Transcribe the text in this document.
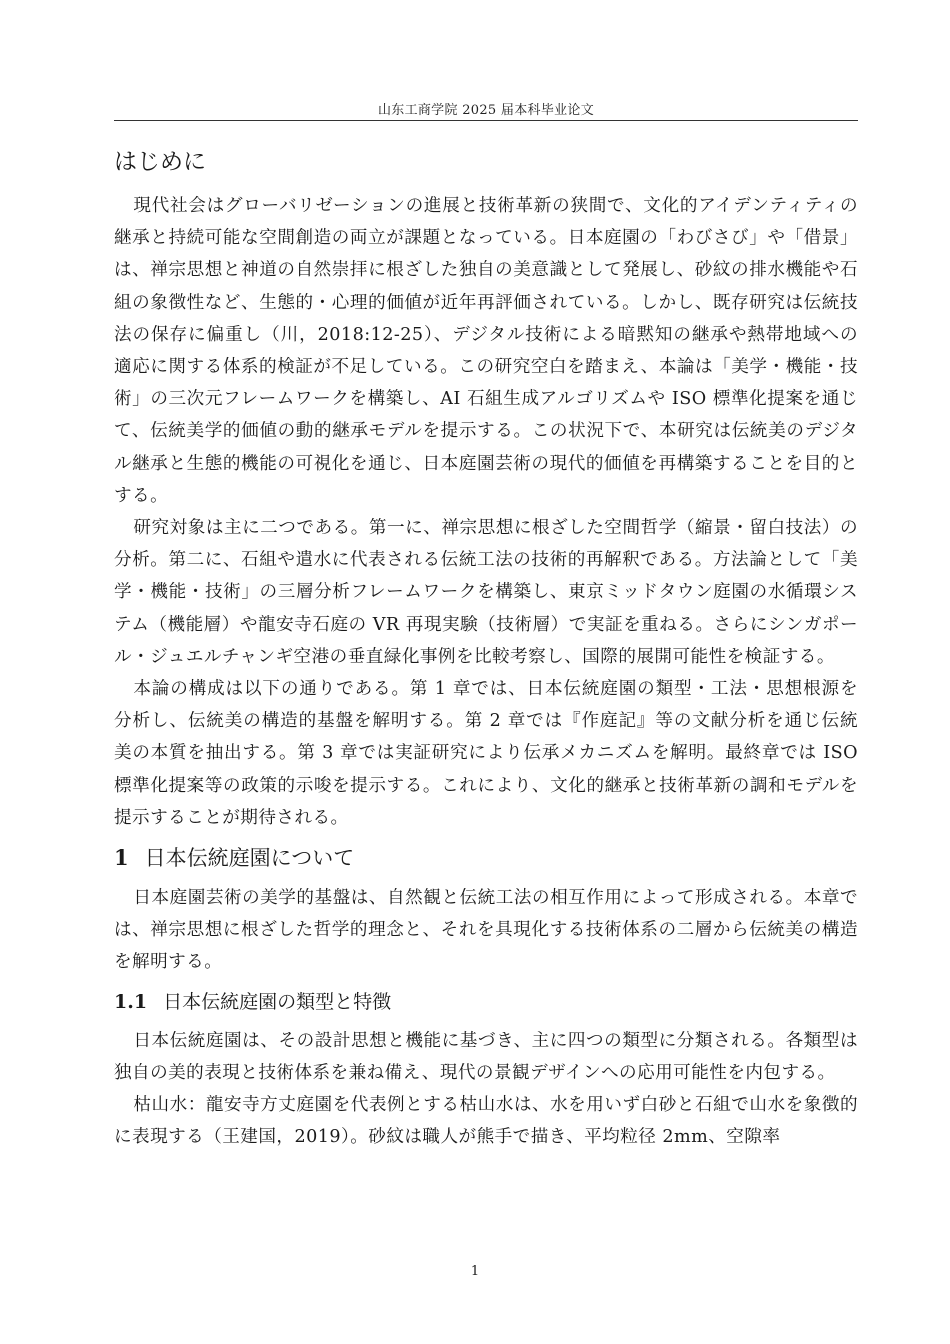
山东工商学院 2025 届本科毕业论文
はじめに

現代社会はグローバリゼーションの進展と技術革新の狭間で、文化的アイデンティティの継承と持続可能な空間創造の両立が課題となっている。日本庭園の「わびさび」や「借景」は、禅宗思想と神道の自然崇拝に根ざした独自の美意識として発展し、砂紋の排水機能や石組の象徴性など、生態的・心理的価値が近年再評価されている。しかし、既存研究は伝統技法の保存に偏重し（川，2018:12-25）、デジタル技術による暗黙知の継承や熱帯地域への適応に関する体系的検証が不足している。この研究空白を踏まえ、本論は「美学・機能・技術」の三次元フレームワークを構築し、AI 石組生成アルゴリズムや ISO 標準化提案を通じて、伝統美学的価値の動的継承モデルを提示する。この状況下で、本研究は伝統美のデジタル継承と生態的機能の可視化を通じ、日本庭園芸術の現代的価値を再構築することを目的とする。

研究対象は主に二つである。第一に、禅宗思想に根ざした空間哲学（縮景・留白技法）の分析。第二に、石組や遣水に代表される伝統工法の技術的再解釈である。方法論として「美学・機能・技術」の三層分析フレームワークを構築し、東京ミッドタウン庭園の水循環システム（機能層）や龍安寺石庭の VR 再現実験（技術層）で実証を重ねる。さらにシンガポール・ジュエルチャンギ空港の垂直緑化事例を比較考察し、国際的展開可能性を検証する。

本論の構成は以下の通りである。第 1 章では、日本伝統庭園の類型・工法・思想根源を分析し、伝統美の構造的基盤を解明する。第 2 章では『作庭記』等の文献分析を通じ伝統美の本質を抽出する。第 3 章では実証研究により伝承メカニズムを解明。最終章では ISO 標準化提案等の政策的示唆を提示する。これにより、文化的継承と技術革新の調和モデルを提示することが期待される。

1 日本伝統庭園について

日本庭園芸術の美学的基盤は、自然観と伝統工法の相互作用によって形成される。本章では、禅宗思想に根ざした哲学的理念と、それを具現化する技術体系の二層から伝統美の構造を解明する。

1.1 日本伝統庭園の類型と特徴

日本伝統庭園は、その設計思想と機能に基づき、主に四つの類型に分類される。各類型は独自の美的表現と技術体系を兼ね備え、現代の景観デザインへの応用可能性を内包する。

枯山水：龍安寺方丈庭園を代表例とする枯山水は、水を用いず白砂と石組で山水を象徴的に表現する（王建国，2019）。砂紋は職人が熊手で描き、平均粒径 2mm、空隙率

1
